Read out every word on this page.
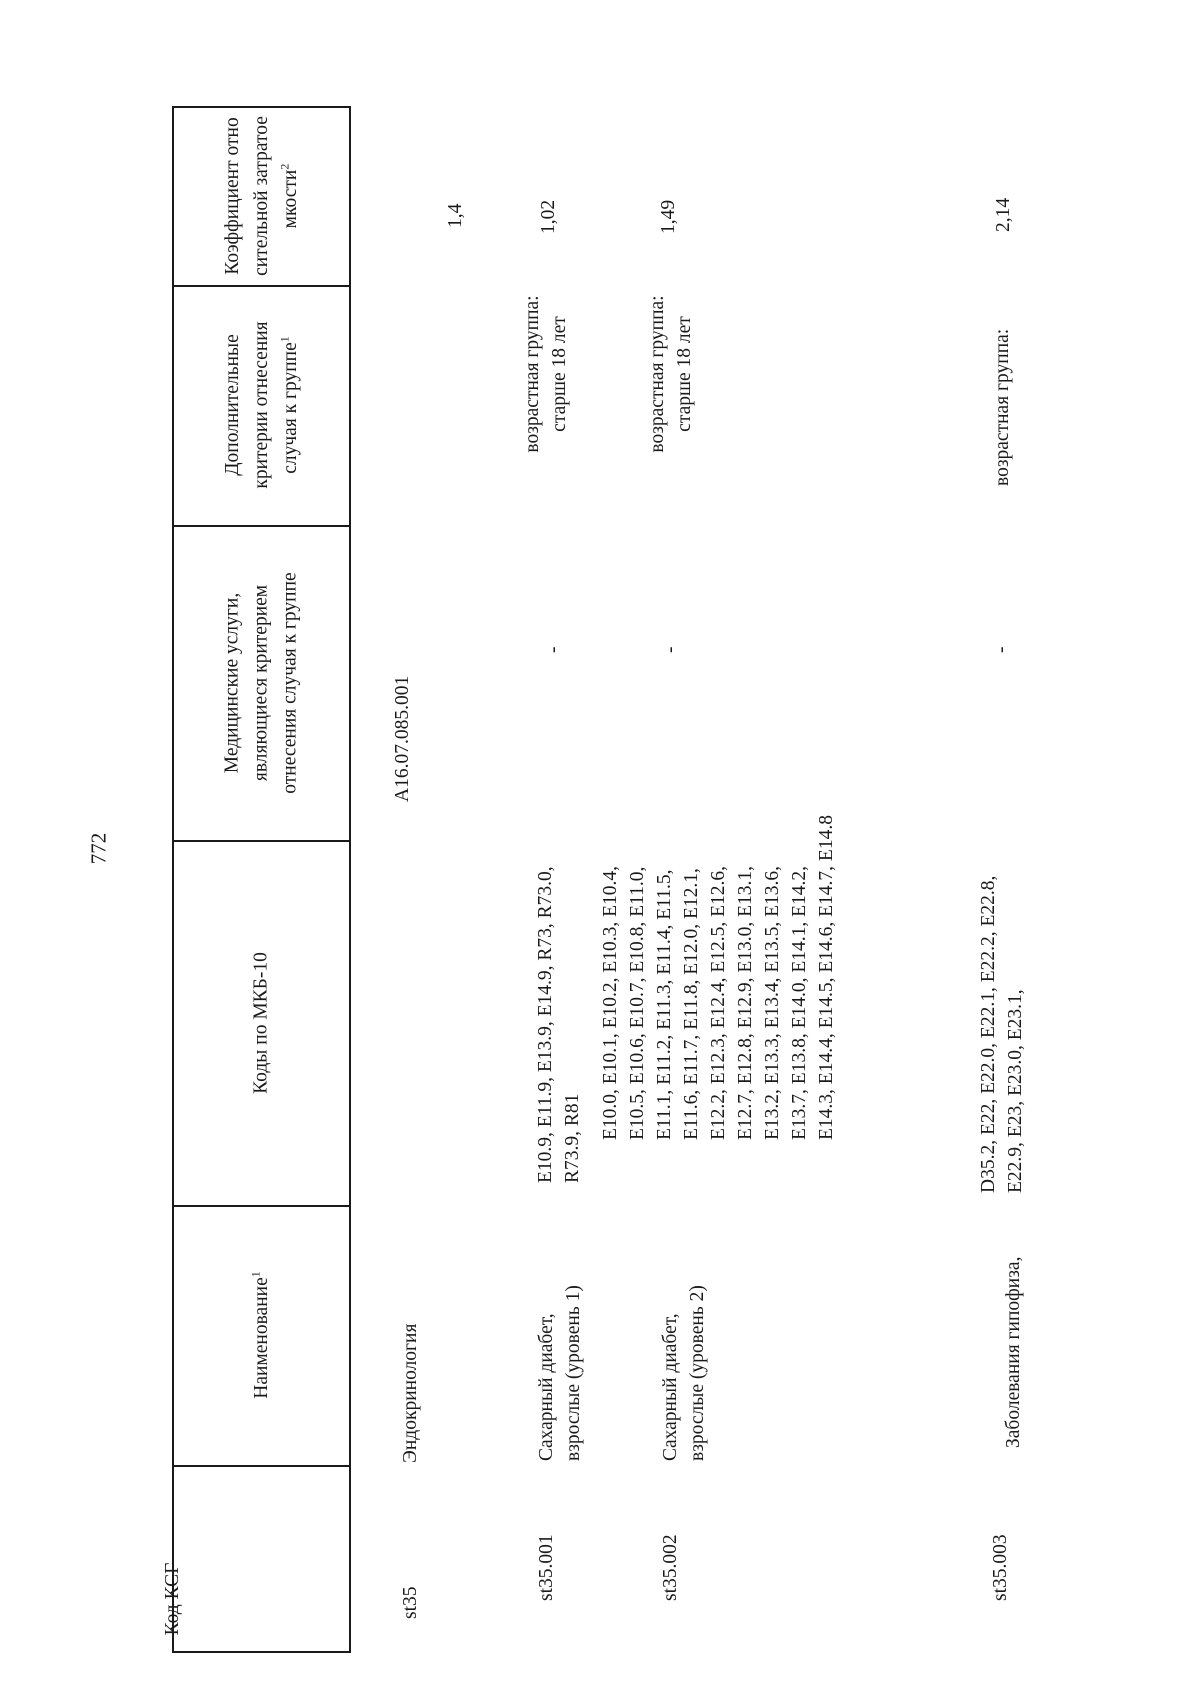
772
Код КСГ
Наименование$^1$
Коды по МКБ-10
Медицинские услуги, являющиеся критерием отнесения случая к группе
Дополнительные критерии отнесения случая к группе$^1$
Коэффициент относительной затратоемкости$^2$
st35
Эндокринология
A16.07.085.001
1,4
st35.001
Сахарный диабет, взрослые (уровень 1)
E10.9, E11.9, E13.9, E14.9, R73, R73.0, R73.9, R81
-
возрастная группа: старше 18 лет
1,02
st35.002
Сахарный диабет, взрослые (уровень 2)
E10.0, E10.1, E10.2, E10.3, E10.4, E10.5, E10.6, E10.7, E10.8, E11.0, E11.1, E11.2, E11.3, E11.4, E11.5, E11.6, E11.7, E11.8, E12.0, E12.1, E12.2, E12.3, E12.4, E12.5, E12.6, E12.7, E12.8, E12.9, E13.0, E13.1, E13.2, E13.3, E13.4, E13.5, E13.6, E13.7, E13.8, E14.0, E14.1, E14.2, E14.3, E14.4, E14.5, E14.6, E14.7, E14.8
-
возрастная группа: старше 18 лет
1,49
st35.003
Заболевания гипофиза,
D35.2, E22, E22.0, E22.1, E22.2, E22.8, E22.9, E23, E23.0, E23.1,
-
возрастная группа:
2,14
